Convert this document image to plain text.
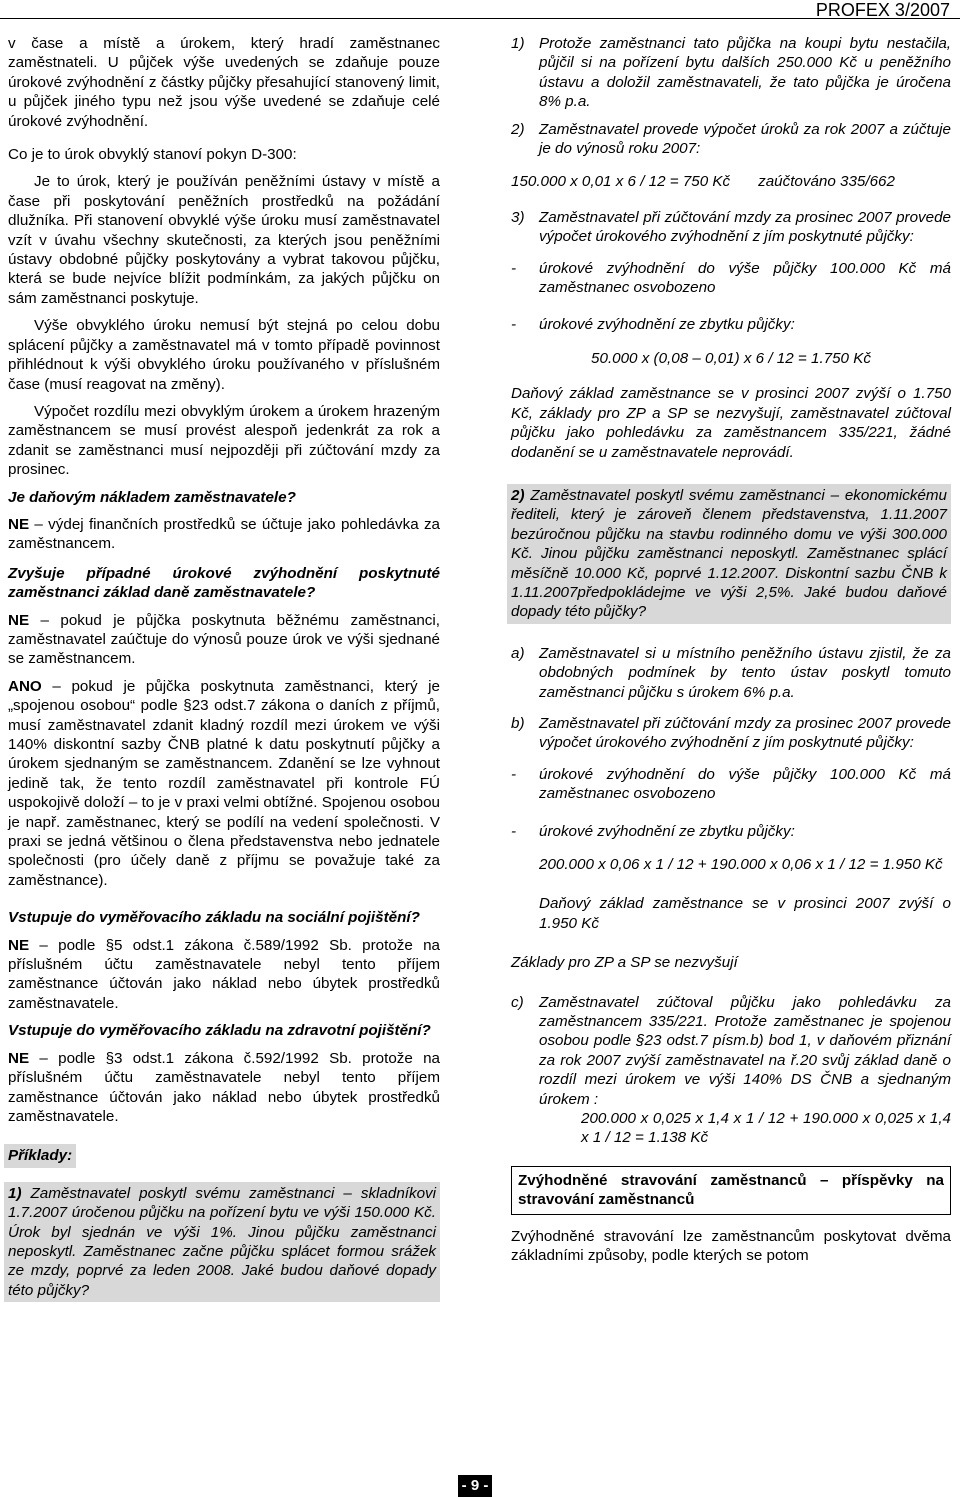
PROFEX 3/2007

v čase a místě a úrokem, který hradí zaměstnanec zaměstnateli. U půjček výše uvedených se zdaňuje pouze úrokové zvýhodnění z částky půjčky přesahující stanovený limit, u půjček jiného typu než jsou výše uvedené se zdaňuje celé úrokové zvýhodnění.

Co je to úrok obvyklý stanoví pokyn D-300:

Je to úrok, který je používán peněžními ústavy v místě a čase při poskytování peněžních prostředků na požádání dlužníka. Při stanovení obvyklé výše úroku musí zaměstnavatel vzít v úvahu všechny skutečnosti, za kterých jsou peněžními ústavy obdobné půjčky poskytovány a vybrat takovou půjčku, která se bude nejvíce blížit podmínkám, za jakých půjčku on sám zaměstnanci poskytuje.

Výše obvyklého úroku nemusí být stejná po celou dobu splácení půjčky a zaměstnavatel má v tomto případě povinnost přihlédnout k výši obvyklého úroku používaného v příslušném čase (musí reagovat na změny).

Výpočet rozdílu mezi obvyklým úrokem a úrokem hrazeným zaměstnancem se musí provést alespoň jedenkrát za rok a zdanit se zaměstnanci musí nejpozději při zúčtování mzdy za prosinec.

Je daňovým nákladem zaměstnavatele?

NE – výdej finančních prostředků se účtuje jako pohledávka za zaměstnancem.

Zvyšuje případné úrokové zvýhodnění poskytnuté zaměstnanci základ daně zaměstnavatele?

NE – pokud je půjčka poskytnuta běžnému zaměstnanci, zaměstnavatel zaúčtuje do výnosů pouze úrok ve výši sjednané se zaměstnancem.

ANO – pokud je půjčka poskytnuta zaměstnanci, který je „spojenou osobou“ podle §23 odst.7 zákona o daních z příjmů, musí zaměstnavatel zdanit kladný rozdíl mezi úrokem ve výši 140% diskontní sazby ČNB platné k datu poskytnutí půjčky a úrokem sjednaným se zaměstnancem. Zdanění se lze vyhnout jedině tak, že tento rozdíl zaměstnavatel při kontrole FÚ uspokojivě doloží – to je v praxi velmi obtížné. Spojenou osobou je např. zaměstnanec, který se podílí na vedení společnosti. V praxi se jedná většinou o člena představenstva nebo jednatele společnosti (pro účely daně z příjmu se považuje také za zaměstnance).

Vstupuje do vyměřovacího základu na sociální pojištění?

NE – podle §5 odst.1 zákona č.589/1992 Sb. protože na příslušném účtu zaměstnavatele nebyl tento příjem zaměstnance účtován jako náklad nebo úbytek prostředků zaměstnavatele.

Vstupuje do vyměřovacího základu na zdravotní pojištění?

NE – podle §3 odst.1 zákona č.592/1992 Sb. protože na příslušném účtu zaměstnavatele nebyl tento příjem zaměstnance účtován jako náklad nebo úbytek prostředků zaměstnavatele.

Příklady:
1) Zaměstnavatel poskytl svému zaměstnanci – skladníkovi 1.7.2007 úročenou půjčku na pořízení bytu ve výši 150.000 Kč. Úrok byl sjednán ve výši 1%. Jinou půjčku zaměstnanci neposkytl. Zaměstnanec začne půjčku splácet formou srážek ze mzdy, poprvé za leden 2008. Jaké budou daňové dopady této půjčky?
1) Protože zaměstnanci tato půjčka na koupi bytu nestačila, půjčil si na pořízení bytu dalších 250.000 Kč u peněžního ústavu a doložil zaměstnavateli, že tato půjčka je úročena 8% p.a.
2) Zaměstnavatel provede výpočet úroků za rok 2007 a zúčtuje je do výnosů roku 2007:

150.000 x 0,01 x 6 / 12 = 750 Kč zaúčtováno 335/662

3) Zaměstnavatel při zúčtování mzdy za prosinec 2007 provede výpočet úrokového zvýhodnění z jím poskytnuté půjčky:
-	úrokové zvýhodnění do výše půjčky 100.000 Kč má zaměstnanec osvobozeno
-	úrokové zvýhodnění ze zbytku půjčky:

50.000 x (0,08 – 0,01) x 6 / 12 = 1.750 Kč

Daňový základ zaměstnance se v prosinci 2007 zvýší o 1.750 Kč, základy pro ZP a SP se nezvyšují, zaměstnavatel zúčtoval půjčku jako pohledávku za zaměstnancem 335/221, žádné dodanění se u zaměstnavatele neprovádí.

2) Zaměstnavatel poskytl svému zaměstnanci – ekonomickému řediteli, který je zároveň členem představenstva, 1.11.2007 bezúročnou půjčku na stavbu rodinného domu ve výši 300.000 Kč. Jinou půjčku zaměstnanci neposkytl. Zaměstnanec splácí měsíčně 10.000 Kč, poprvé 1.12.2007. Diskontní sazbu ČNB k 1.11.2007předpokládejme ve výši 2,5%. Jaké budou daňové dopady této půjčky?
a) Zaměstnavatel si u místního peněžního ústavu zjistil, že za obdobných podmínek by tento ústav poskytl tomuto zaměstnanci půjčku s úrokem 6% p.a.
b) Zaměstnavatel při zúčtování mzdy za prosinec 2007 provede výpočet úrokového zvýhodnění z jím poskytnuté půjčky:
-	úrokové zvýhodnění do výše půjčky 100.000 Kč má zaměstnanec osvobozeno
-	úrokové zvýhodnění ze zbytku půjčky:

200.000 x 0,06 x 1 / 12 + 190.000 x 0,06 x 1 / 12 = 1.950 Kč

Daňový základ zaměstnance se v prosinci 2007 zvýší o 1.950 Kč

Základy pro ZP a SP se nezvyšují

c)	Zaměstnavatel zúčtoval půjčku jako pohledávku za zaměstnancem 335/221. Protože zaměstnanec je spojenou osobou podle §23 odst.7 písm.b) bod 1, v daňovém přiznání za rok 2007 zvýší zaměstnavatel na ř.20 svůj základ daně o rozdíl mezi úrokem ve výši 140% DS ČNB a sjednaným úrokem :

200.000 x 0,025 x 1,4 x 1 / 12 + 190.000 x 0,025 x 1,4 x 1 / 12 = 1.138 Kč

Zvýhodněné stravování zaměstnanců – příspěvky na stravování zaměstnanců

Zvýhodněné stravování lze zaměstnancům poskytovat dvěma základními způsoby, podle kterých se potom

- 9 -
